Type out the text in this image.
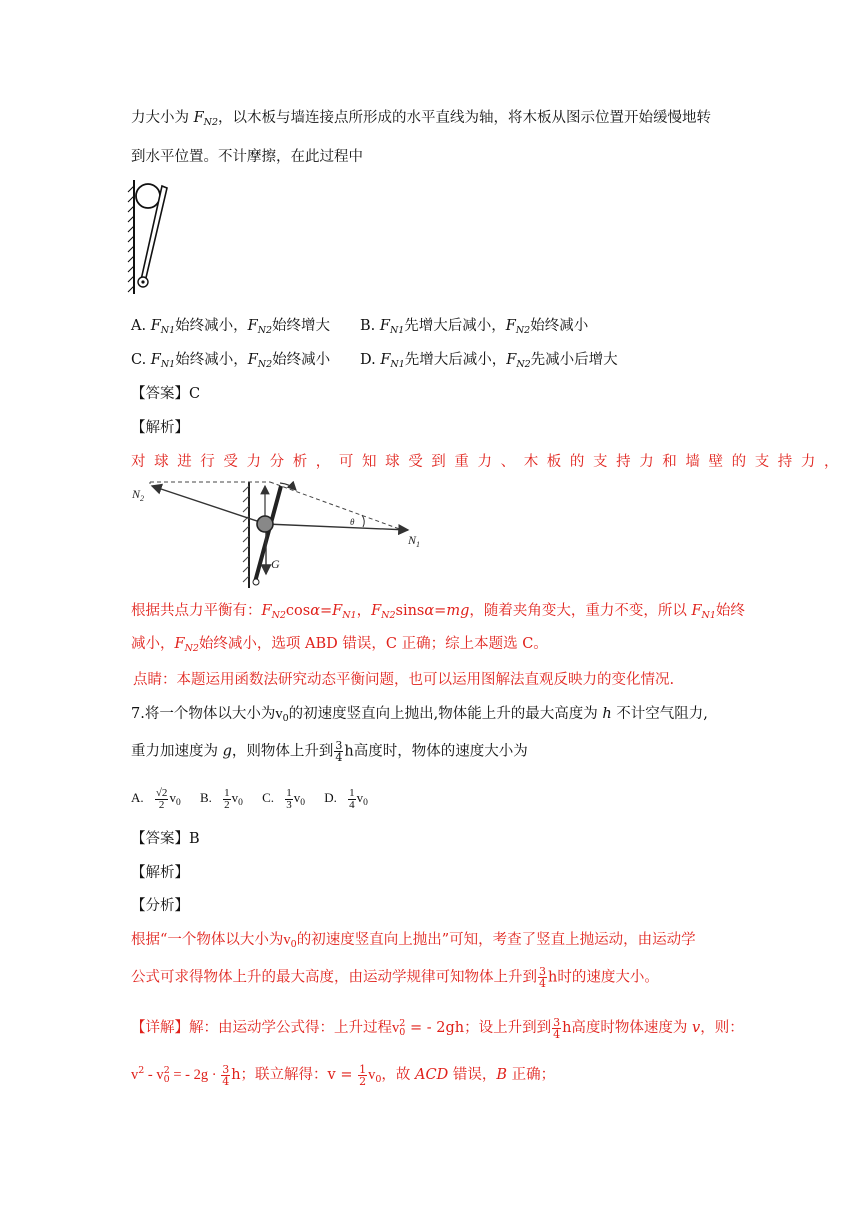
力大小为 $F_{N2}$，以木板与墙连接点所形成的水平直线为轴，将木板从图示位置开始缓慢地转
到水平位置。不计摩擦，在此过程中
A. $F_{N1}$始终减小，$F_{N2}$始终增大 B. $F_{N1}$先增大后减小，$F_{N2}$始终减小
C. $F_{N1}$始终减小，$F_{N2}$始终减小 D. $F_{N1}$先增大后减小，$F_{N2}$先减小后增大
【答案】C
【解析】
对球进行受力分析，可知球受到重力、木板的支持力和墙壁的支持力，
$N_2$
$N_1$
G
θ
根据共点力平衡有：$F_{N2}\cos\alpha=F_{N1}$，$F_{N2}\sin s\alpha=mg$，随着夹角变大，重力不变，所以 $F_{N1}$始终
减小，$F_{N2}$始终减小，选项 ABD 错误，C 正确；综上本题选 C。
点睛：本题运用函数法研究动态平衡问题，也可以运用图解法直观反映力的变化情况.
7.将一个物体以大小为$v_0$的初速度竖直向上抛出,物体能上升的最大高度为 h 不计空气阻力,
重力加速度为 g，则物体上升到 $\frac{3}{4}$ h高度时，物体的速度大小为
A. $\frac{√2}{2} v_0$ B. $\frac{1}{2} v_0$ C. $\frac{1}{3} v_0$ D. $\frac{1}{4} v_0$
【答案】B
【解析】
【分析】
根据“一个物体以大小为$v_0$的初速度竖直向上抛出”可知，考查了竖直上抛运动，由运动学
公式可求得物体上升的最大高度，由运动学规律可知物体上升到 $\frac{3}{4}$ h时的速度大小。
【详解】解：由运动学公式得：上升过程$v_0^2$ = - 2gh；设上升到到 $\frac{3}{4}$ h高度时物体速度为 v，则：
$v^2 - v_0^2$ = - $2g \cdot \frac{3}{4}$ h；联立解得：$v = \frac{1}{2} v_0$，故 ACD 错误，B 正确；
